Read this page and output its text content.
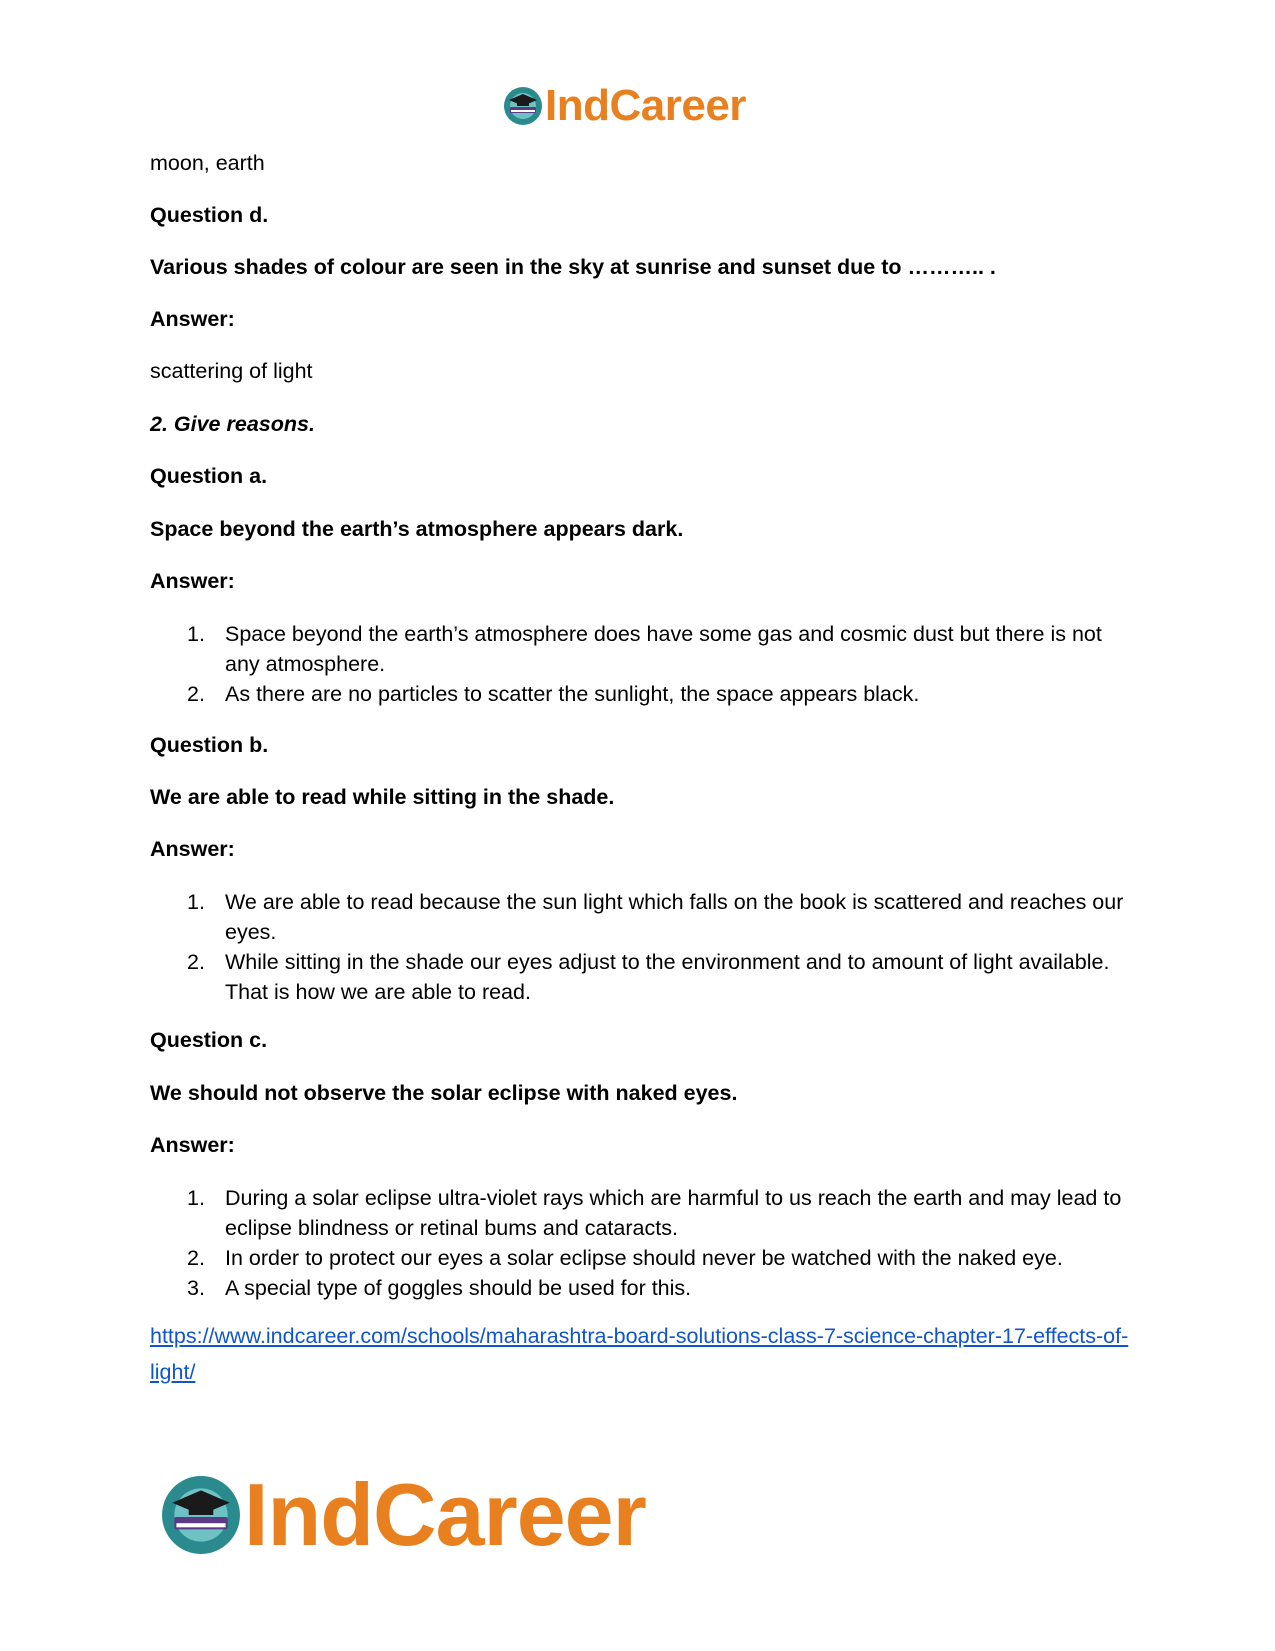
IndCareer

moon, earth

Question d.

Various shades of colour are seen in the sky at sunrise and sunset due to ……….. .

Answer:

scattering of light

2. Give reasons.

Question a.

Space beyond the earth’s atmosphere appears dark.

Answer:

1. Space beyond the earth’s atmosphere does have some gas and cosmic dust but there is not any atmosphere.
2. As there are no particles to scatter the sunlight, the space appears black.

Question b.

We are able to read while sitting in the shade.

Answer:

1. We are able to read because the sun light which falls on the book is scattered and reaches our eyes.
2. While sitting in the shade our eyes adjust to the environment and to amount of light available. That is how we are able to read.

Question c.

We should not observe the solar eclipse with naked eyes.

Answer:

1. During a solar eclipse ultra-violet rays which are harmful to us reach the earth and may lead to eclipse blindness or retinal bums and cataracts.
2. In order to protect our eyes a solar eclipse should never be watched with the naked eye.
3. A special type of goggles should be used for this.
https://www.indcareer.com/schools/maharashtra-board-solutions-class-7-science-chapter-17-effects-of-light/
IndCareer
